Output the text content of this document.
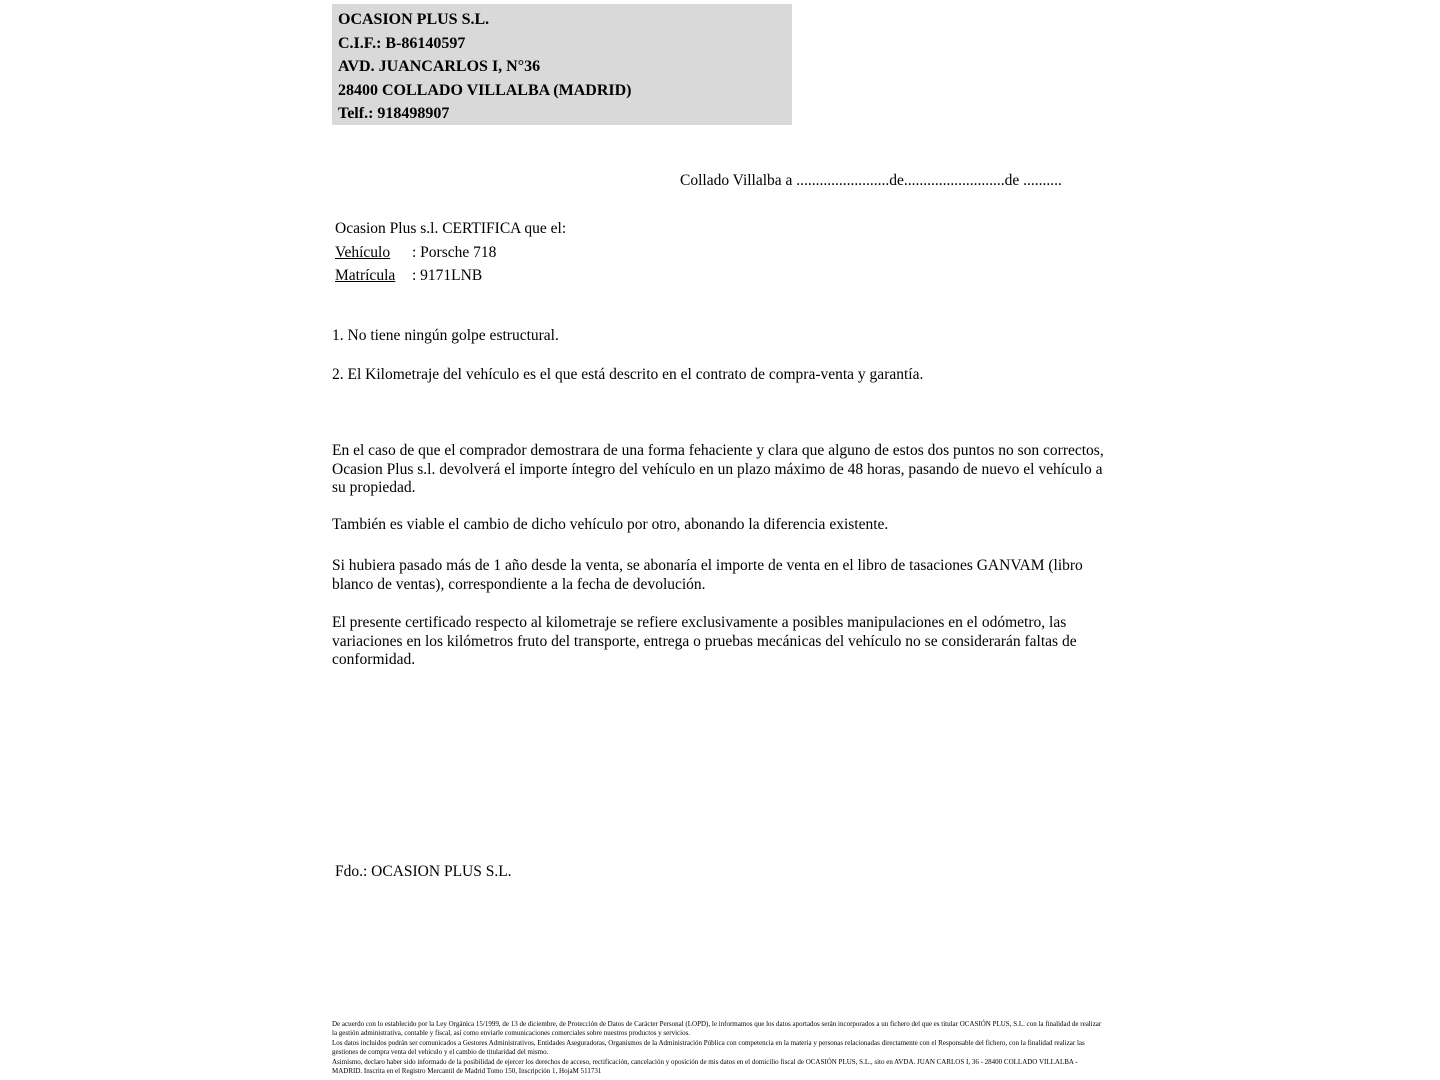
OCASION PLUS S.L.
C.I.F.: B-86140597
AVD. JUANCARLOS I, N°36
28400 COLLADO VILLALBA (MADRID)
Telf.: 918498907
Collado Villalba a ........................de..........................de ..........
Ocasion Plus s.l. CERTIFICA que el:
Vehículo : Porsche 718
Matrícula : 9171LNB
1. No tiene ningún golpe estructural.
2. El Kilometraje del vehículo es el que está descrito en el contrato de compra-venta y garantía.
En el caso de que el comprador demostrara de una forma fehaciente y clara que alguno de estos dos puntos no son correctos, Ocasion Plus s.l. devolverá el importe íntegro del vehículo en un plazo máximo de 48 horas, pasando de nuevo el vehículo a su propiedad.
También es viable el cambio de dicho vehículo por otro, abonando la diferencia existente.
Si hubiera pasado más de 1 año desde la venta, se abonaría el importe de venta en el libro de tasaciones GANVAM (libro blanco de ventas), correspondiente a la fecha de devolución.
El presente certificado respecto al kilometraje se refiere exclusivamente a posibles manipulaciones en el odómetro, las variaciones en los kilómetros fruto del transporte, entrega o pruebas mecánicas del vehículo no se considerarán faltas de conformidad.
Fdo.: OCASION PLUS S.L.

De acuerdo con lo establecido por la Ley Orgánica 15/1999, de 13 de diciembre, de Protección de Datos de Carácter Personal (LOPD), le informamos que los datos aportados serán incorporados a un fichero del que es titular OCASIÓN PLUS, S.L. con la finalidad de realizar la gestión administrativa, contable y fiscal, así como enviarle comunicaciones comerciales sobre nuestros productos y servicios.

Los datos incluidos podrán ser comunicados a Gestores Administrativos, Entidades Aseguradoras, Organismos de la Administración Pública con competencia en la materia y personas relacionadas directamente con el Responsable del fichero, con la finalidad realizar las gestiones de compra venta del vehículo y el cambio de titularidad del mismo.

Asimismo, declaro haber sido informado de la posibilidad de ejercer los derechos de acceso, rectificación, cancelación y oposición de mis datos en el domicilio fiscal de OCASIÓN PLUS, S.L., sito en AVDA. JUAN CARLOS I, 36 - 28400 COLLADO VILLALBA - MADRID. Inscrita en el Registro Mercantil de Madrid Tomo 150, Inscripción 1, HojaM 511731
